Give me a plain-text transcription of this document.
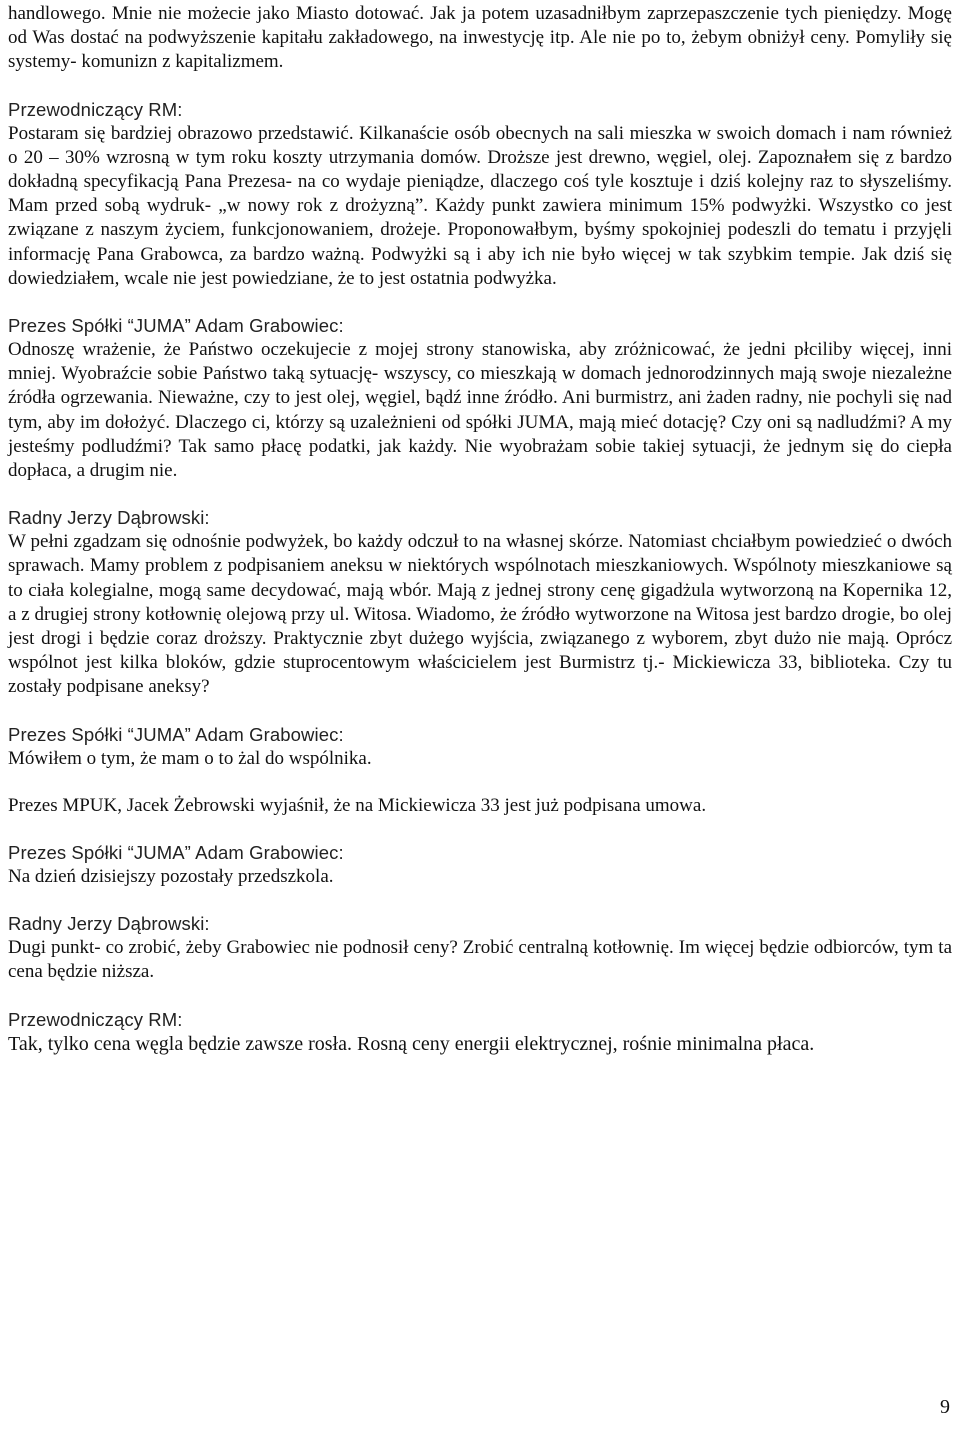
handlowego. Mnie nie możecie jako Miasto dotować. Jak ja potem uzasadniłbym zaprzepaszczenie tych pieniędzy. Mogę od Was dostać na podwyższenie kapitału zakładowego, na inwestycję itp. Ale nie po to, żebym obniżył ceny. Pomyliły się systemy- komunizn z kapitalizmem.

Przewodniczący RM:

Postaram się bardziej obrazowo przedstawić. Kilkanaście osób obecnych na sali mieszka w swoich domach i nam również o 20 – 30% wzrosną w tym roku koszty utrzymania domów. Droższe jest drewno, węgiel, olej. Zapoznałem się z bardzo dokładną specyfikacją Pana Prezesa- na co wydaje pieniądze, dlaczego coś tyle kosztuje i dziś kolejny raz to słyszeliśmy. Mam przed sobą wydruk- „w nowy rok z drożyzną”. Każdy punkt zawiera minimum 15% podwyżki. Wszystko co jest związane z naszym życiem, funkcjonowaniem, drożeje. Proponowałbym, byśmy spokojniej podeszli do tematu i przyjęli informację Pana Grabowca, za bardzo ważną. Podwyżki są i aby ich nie było więcej w tak szybkim tempie. Jak dziś się dowiedziałem, wcale nie jest powiedziane, że to jest ostatnia podwyżka.

Prezes Spółki “JUMA” Adam Grabowiec:

Odnoszę wrażenie, że Państwo oczekujecie z mojej strony stanowiska, aby zróżnicować, że jedni płciliby więcej, inni mniej. Wyobraźcie sobie Państwo taką sytuację- wszyscy, co mieszkają w domach jednorodzinnych mają swoje niezależne źródła ogrzewania. Nieważne, czy to jest olej, węgiel, bądź inne źródło. Ani burmistrz, ani żaden radny, nie pochyli się nad tym, aby im dołożyć. Dlaczego ci, którzy są uzależnieni od spółki JUMA, mają mieć dotację? Czy oni są nadludźmi? A my jesteśmy podludźmi? Tak samo płacę podatki, jak każdy. Nie wyobrażam sobie takiej sytuacji, że jednym się do ciepła dopłaca, a drugim nie.

Radny Jerzy Dąbrowski:

W pełni zgadzam się odnośnie podwyżek, bo każdy odczuł to na własnej skórze. Natomiast chciałbym powiedzieć o dwóch sprawach. Mamy problem z podpisaniem aneksu w niektórych wspólnotach mieszkaniowych. Wspólnoty mieszkaniowe są to ciała kolegialne, mogą same decydować, mają wbór. Mają z jednej strony cenę gigadżula wytworzoną na Kopernika 12, a z drugiej strony kotłownię olejową przy ul. Witosa. Wiadomo, że źródło wytworzone na Witosa jest bardzo drogie, bo olej jest drogi i będzie coraz droższy. Praktycznie zbyt dużego wyjścia, związanego z wyborem, zbyt dużo nie mają. Oprócz wspólnot jest kilka bloków, gdzie stuprocentowym właścicielem jest Burmistrz tj.- Mickiewicza 33, biblioteka. Czy tu zostały podpisane aneksy?

Prezes Spółki “JUMA” Adam Grabowiec:

Mówiłem o tym, że mam o to żal do wspólnika.

Prezes MPUK, Jacek Żebrowski wyjaśnił, że na Mickiewicza 33 jest już podpisana umowa.

Prezes Spółki “JUMA” Adam Grabowiec:

Na dzień dzisiejszy pozostały przedszkola.

Radny Jerzy Dąbrowski:

Dugi punkt- co zrobić, żeby Grabowiec nie podnosił ceny? Zrobić centralną kotłownię. Im więcej będzie odbiorców, tym ta cena będzie niższa.

Przewodniczący RM:

Tak, tylko cena węgla będzie zawsze rosła. Rosną ceny energii elektrycznej, rośnie minimalna płaca.

9
